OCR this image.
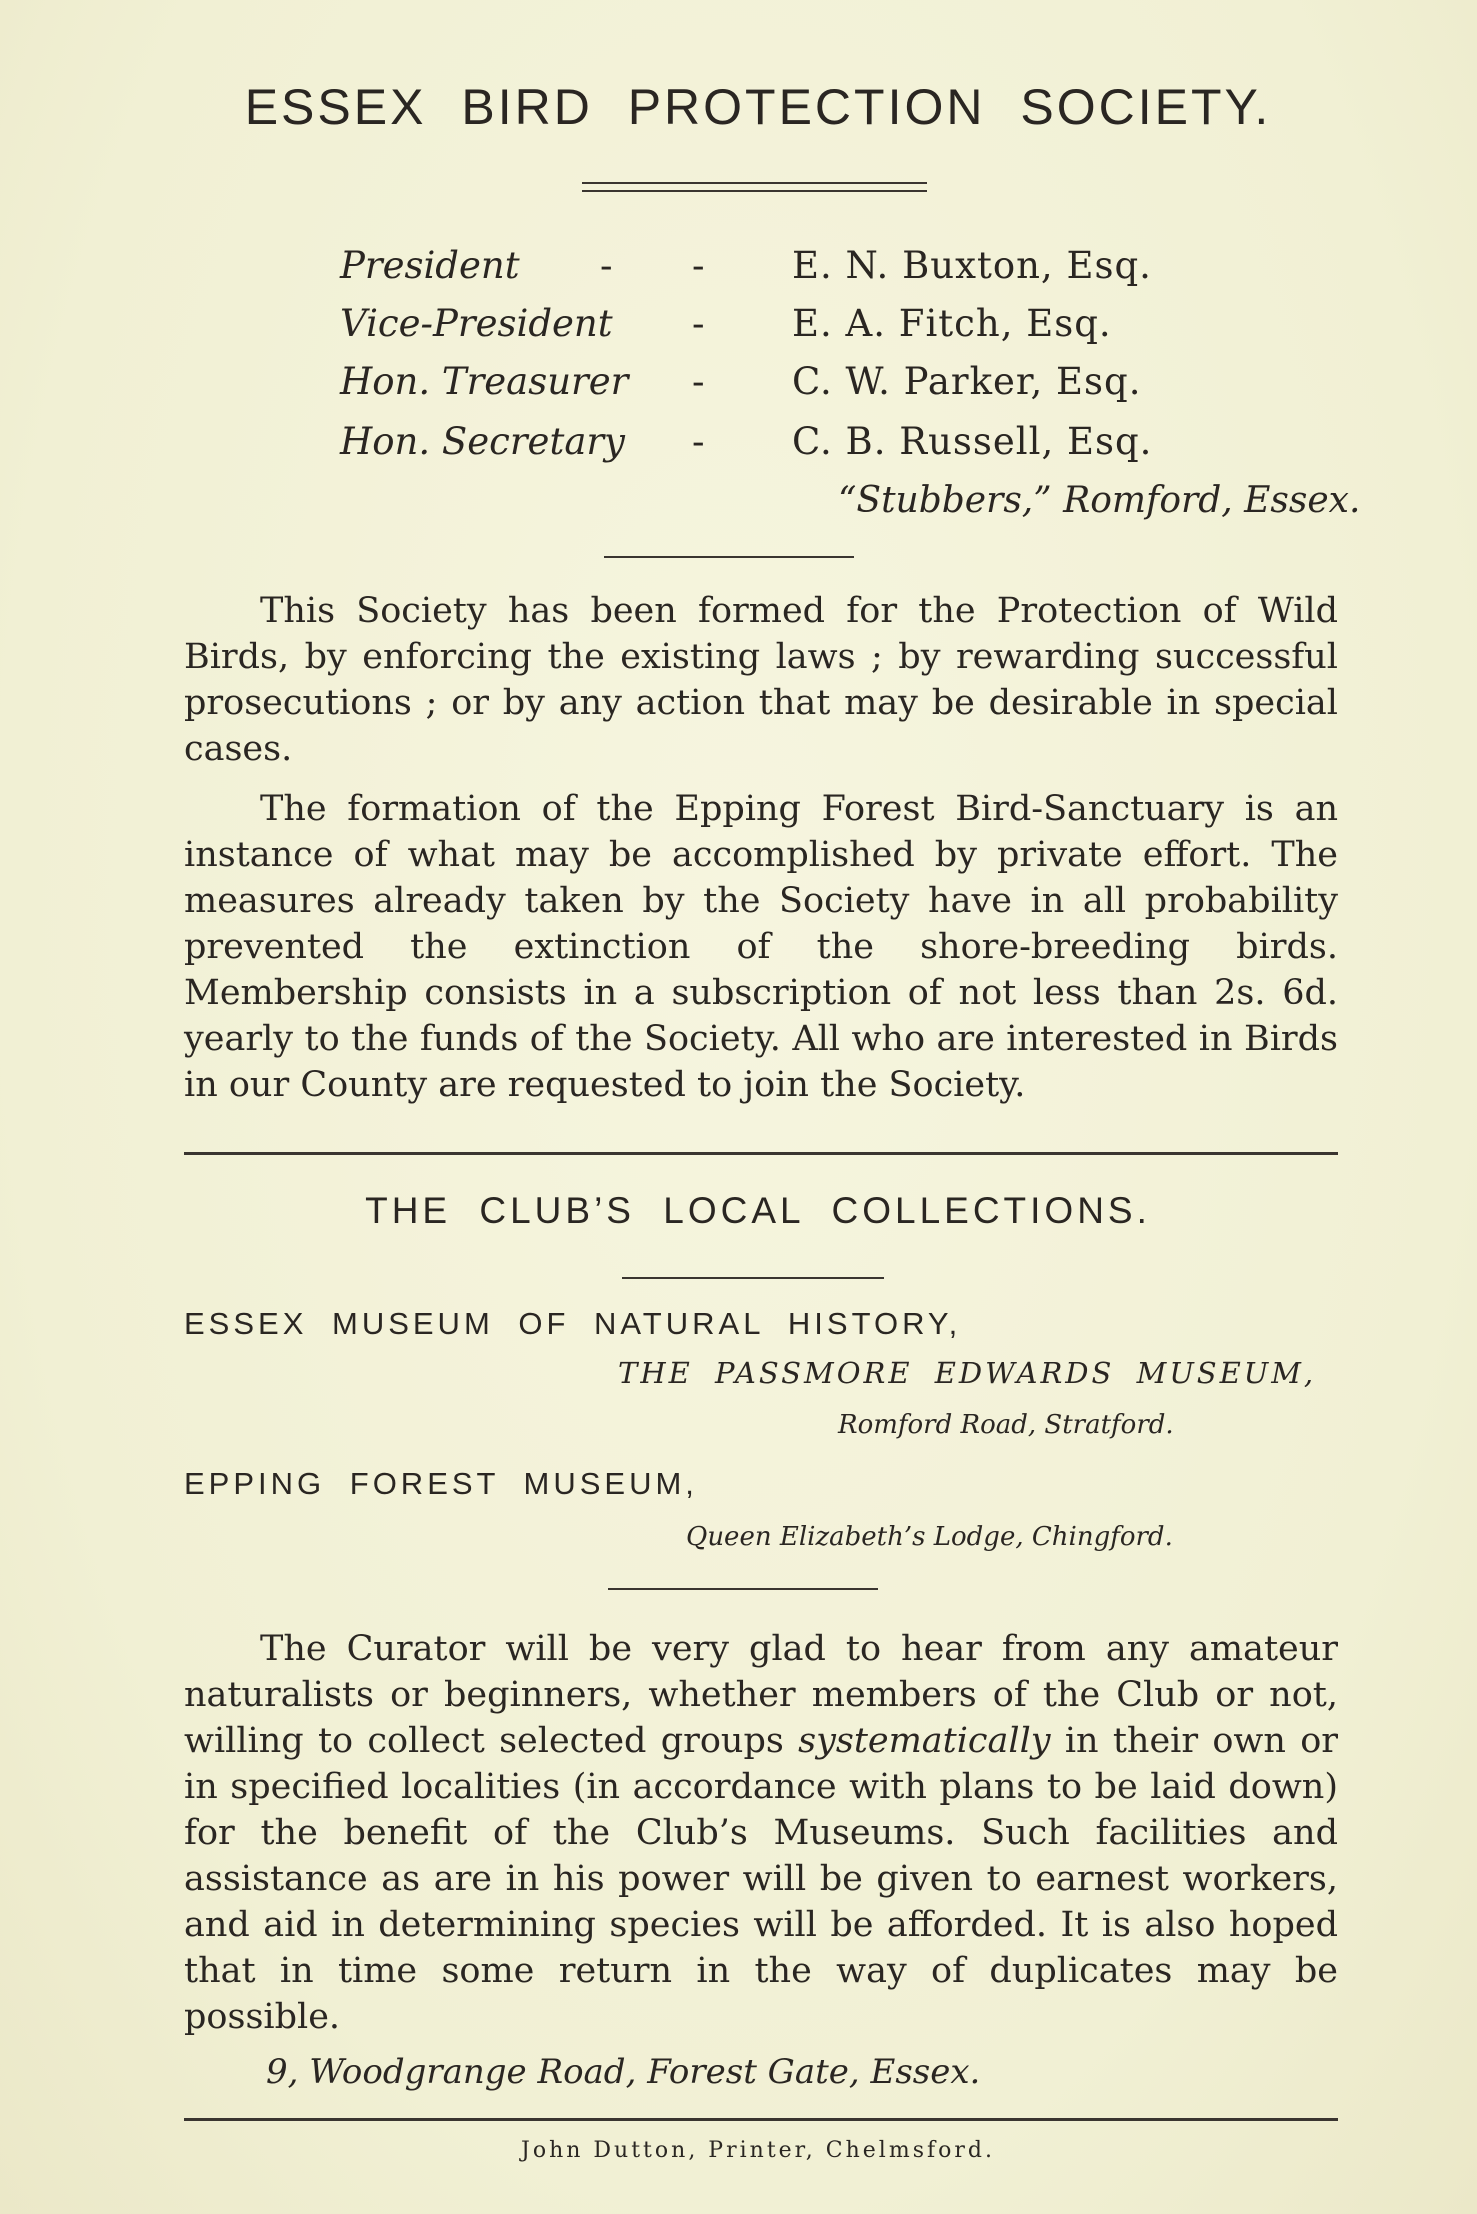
ESSEX BIRD PROTECTION SOCIETY.
President - - E. N. Buxton, Esq.
Vice-President - E. A. Fitch, Esq.
Hon. Treasurer - C. W. Parker, Esq.
Hon. Secretary - C. B. Russell, Esq.
“Stubbers,” Romford, Essex.

This Society has been formed for the Protection of Wild Birds, by enforcing the existing laws ; by rewarding successful prosecutions ; or by any action that may be desirable in special cases.

The formation of the Epping Forest Bird-Sanctuary is an instance of what may be accomplished by private effort. The measures already taken by the Society have in all probability prevented the extinction of the shore-breeding birds. Membership consists in a subscription of not less than 2s. 6d. yearly to the funds of the Society. All who are interested in Birds in our County are requested to join the Society.

THE CLUB’S LOCAL COLLECTIONS.
ESSEX MUSEUM OF NATURAL HISTORY,
THE PASSMORE EDWARDS MUSEUM,
Romford Road, Stratford.
EPPING FOREST MUSEUM,
Queen Elizabeth’s Lodge, Chingford.

The Curator will be very glad to hear from any amateur naturalists or beginners, whether members of the Club or not, willing to collect selected groups systematically in their own or in specified localities (in accordance with plans to be laid down) for the benefit of the Club’s Museums. Such facilities and assistance as are in his power will be given to earnest workers, and aid in determining species will be afforded. It is also hoped that in time some return in the way of duplicates may be possible.

9, Woodgrange Road, Forest Gate, Essex.
John Dutton, Printer, Chelmsford.
